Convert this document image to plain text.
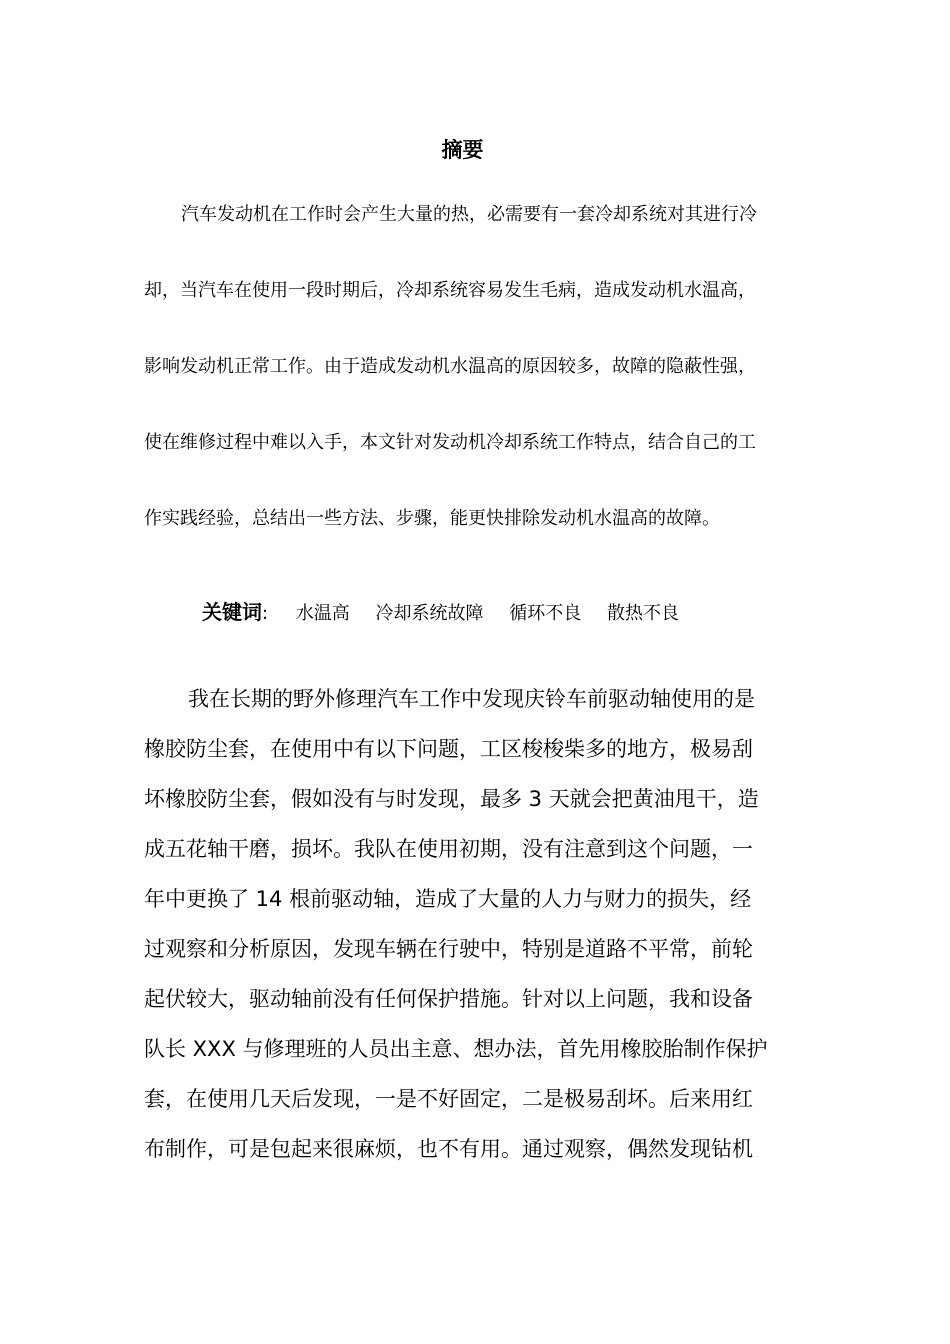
摘要
汽车发动机在工作时会产生大量的热，必需要有一套冷却系统对其进行冷
却，当汽车在使用一段时期后，冷却系统容易发生毛病，造成发动机水温高，
影响发动机正常工作。由于造成发动机水温高的原因较多，故障的隐蔽性强，
使在维修过程中难以入手，本文针对发动机冷却系统工作特点，结合自己的工
作实践经验，总结出一些方法、步骤，能更快排除发动机水温高的故障。
关键词: 水温高 冷却系统故障 循环不良 散热不良
我在长期的野外修理汽车工作中发现庆铃车前驱动轴使用的是
橡胶防尘套，在使用中有以下问题，工区梭梭柴多的地方，极易刮
坏橡胶防尘套，假如没有与时发现，最多 3 天就会把黄油甩干，造
成五花轴干磨，损坏。我队在使用初期，没有注意到这个问题，一
年中更换了 14 根前驱动轴，造成了大量的人力与财力的损失，经
过观察和分析原因，发现车辆在行驶中，特别是道路不平常，前轮
起伏较大，驱动轴前没有任何保护措施。针对以上问题，我和设备
队长 XXX 与修理班的人员出主意、想办法，首先用橡胶胎制作保护
套，在使用几天后发现，一是不好固定，二是极易刮坏。后来用红
布制作，可是包起来很麻烦，也不有用。通过观察，偶然发现钻机
